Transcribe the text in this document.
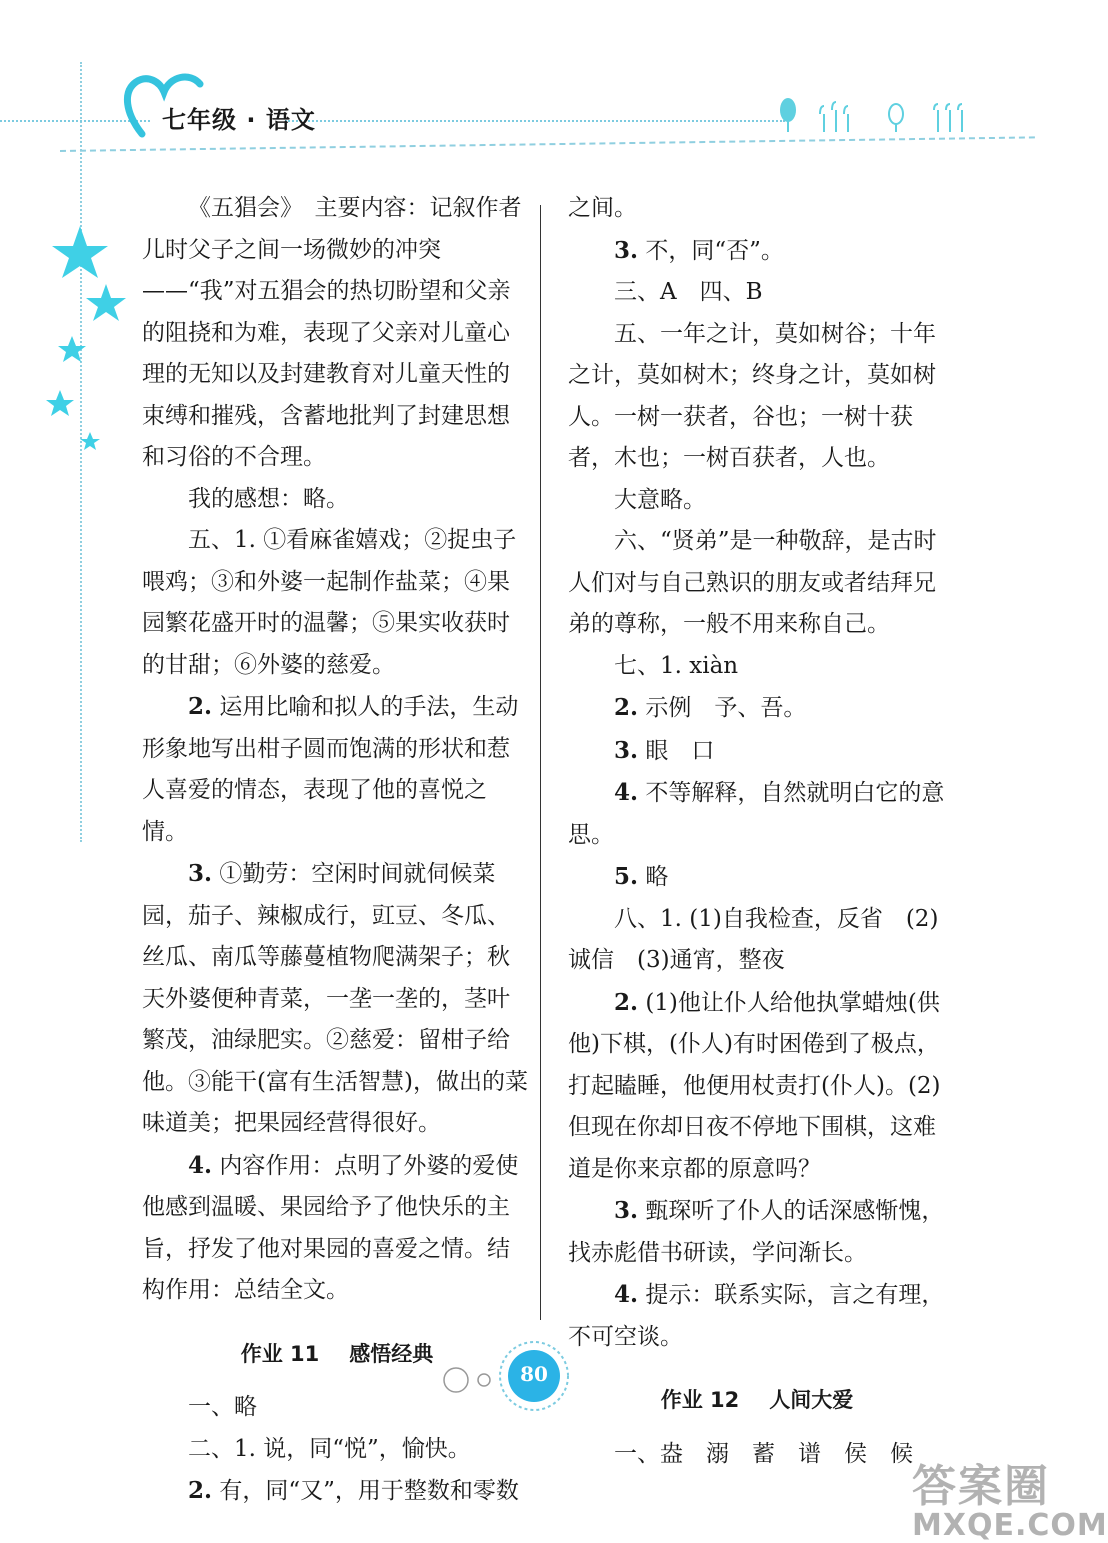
七年级 · 语文

《五猖会》　主要内容：记叙作者儿时父子之间一场微妙的冲突——“我”对五猖会的热切盼望和父亲的阻挠和为难，表现了父亲对儿童心理的无知以及封建教育对儿童天性的束缚和摧残，含蓄地批判了封建思想和习俗的不合理。

我的感想：略。

五、1. ①看麻雀嬉戏；②捉虫子喂鸡；③和外婆一起制作盐菜；④果园繁花盛开时的温馨；⑤果实收获时的甘甜；⑥外婆的慈爱。

2. 运用比喻和拟人的手法，生动形象地写出柑子圆而饱满的形状和惹人喜爱的情态，表现了他的喜悦之情。

3. ①勤劳：空闲时间就伺候菜园，茄子、辣椒成行，豇豆、冬瓜、丝瓜、南瓜等藤蔓植物爬满架子；秋天外婆便种青菜，一垄一垄的，茎叶繁茂，油绿肥实。②慈爱：留柑子给他。③能干(富有生活智慧)，做出的菜味道美；把果园经营得很好。

4. 内容作用：点明了外婆的爱使他感到温暖、果园给予了他快乐的主旨，抒发了他对果园的喜爱之情。结构作用：总结全文。

作业 11 感悟经典

一、略

二、1. 说，同“悦”，愉快。

2. 有，同“又”，用于整数和零数

之间。

3. 不，同“否”。

三、A　四、B

五、一年之计，莫如树谷；十年之计，莫如树木；终身之计，莫如树人。一树一获者，谷也；一树十获者，木也；一树百获者，人也。

大意略。

六、“贤弟”是一种敬辞，是古时人们对与自己熟识的朋友或者结拜兄弟的尊称，一般不用来称自己。

七、1. xiàn

2. 示例　予、吾。

3. 眼　口

4. 不等解释，自然就明白它的意思。

5. 略

八、1. (1)自我检查，反省　(2)诚信　(3)通宵，整夜

2. (1)他让仆人给他执掌蜡烛(供他)下棋，(仆人)有时困倦到了极点，打起瞌睡，他便用杖责打(仆人)。(2)但现在你却日夜不停地下围棋，这难道是你来京都的原意吗？

3. 甄琛听了仆人的话深感惭愧，找赤彪借书研读，学问渐长。

4. 提示：联系实际，言之有理，不可空谈。

作业 12 人间大爱

一、盎　溺　蓄　谱　侯　候

80
答案圈
MXQE.COM
